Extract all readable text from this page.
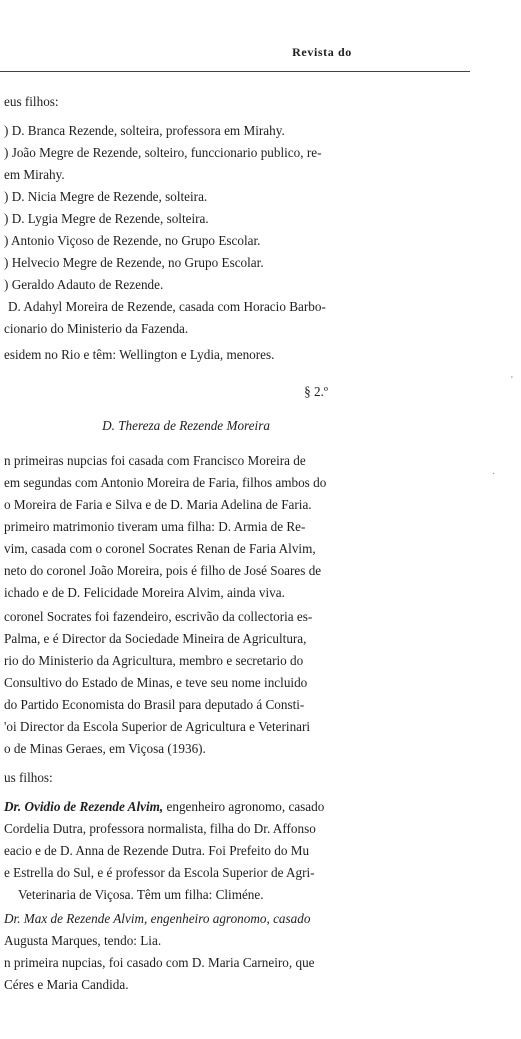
Revista do
eus filhos:
) D. Branca Rezende, solteira, professora em Mirahy.
) João Megre de Rezende, solteiro, funccionario publico, re-
em Mirahy.
) D. Nicia Megre de Rezende, solteira.
) D. Lygia Megre de Rezende, solteira.
) Antonio Viçoso de Rezende, no Grupo Escolar.
) Helvecio Megre de Rezende, no Grupo Escolar.
) Geraldo Adauto de Rezende.
D. Adahyl Moreira de Rezende, casada com Horacio Barbo-
cionario do Ministerio da Fazenda.
esidem no Rio e têm: Wellington e Lydia, menores.
§ 2.º
D. Thereza de Rezende Moreira
n primeiras nupcias foi casada com Francisco Moreira de
em segundas com Antonio Moreira de Faria, filhos ambos do
o Moreira de Faria e Silva e de D. Maria Adelina de Faria.
primeiro matrimonio tiveram uma filha: D. Armia de Re-
vim, casada com o coronel Socrates Renan de Faria Alvim,
neto do coronel João Moreira, pois é filho de José Soares de
ichado e de D. Felicidade Moreira Alvim, ainda viva.
coronel Socrates foi fazendeiro, escrivão da collectoria es-
Palma, e é Director da Sociedade Mineira de Agricultura,
rio do Ministerio da Agricultura, membro e secretario do
Consultivo do Estado de Minas, e teve seu nome incluido
do Partido Economista do Brasil para deputado á Consti-
'oi Director da Escola Superior de Agricultura e Veterinari
o de Minas Geraes, em Viçosa (1936).
us filhos:
Dr. Ovidio de Rezende Alvim, engenheiro agronomo, casado
Cordelia Dutra, professora normalista, filha do Dr. Affonso
eacio e de D. Anna de Rezende Dutra. Foi Prefeito do Mu
e Estrella do Sul, e é professor da Escola Superior de Agri-
Veterinaria de Viçosa. Têm um filha: Climéne.
Dr. Max de Rezende Alvim, engenheiro agronomo, casado
Augusta Marques, tendo: Lia.
n primeira nupcias, foi casado com D. Maria Carneiro, que
Céres e Maria Candida.
'
·
